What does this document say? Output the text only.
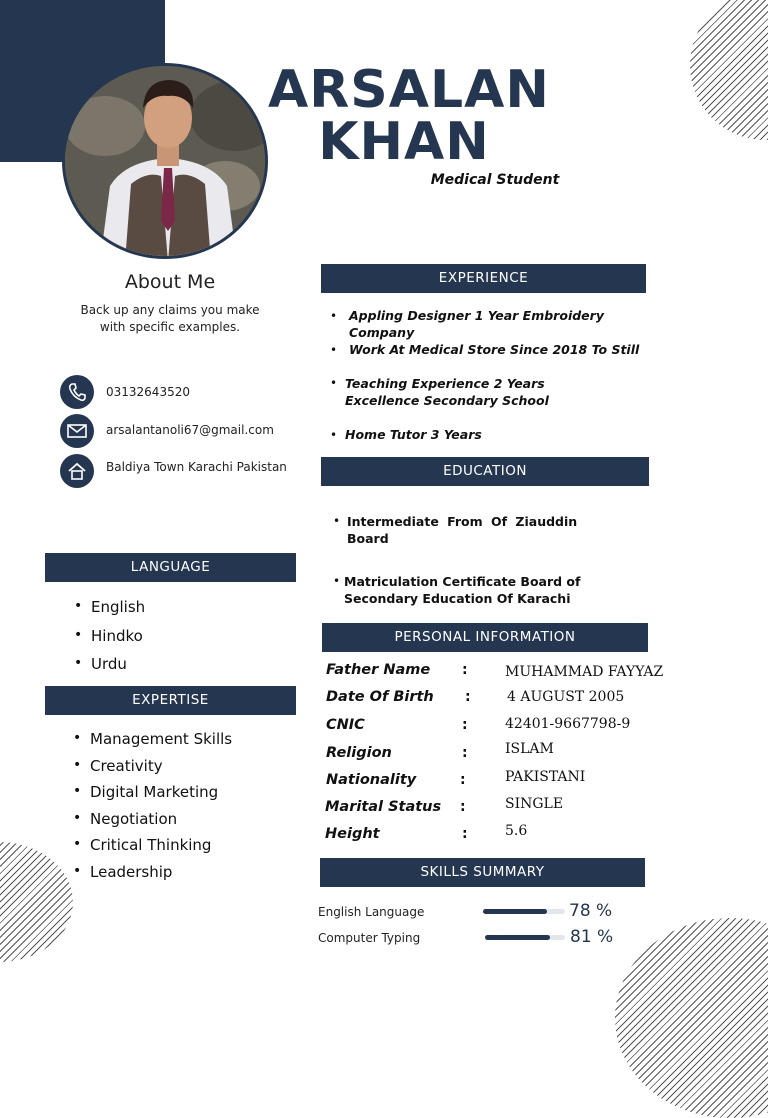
ARSALAN
KHAN
Medical Student
About Me
Back up any claims you make with specific examples.
03132643520
arsalantanoli67@gmail.com
Baldiya Town Karachi Pakistan
LANGUAGE
• English
• Hindko
• Urdu
EXPERTISE
• Management Skills
• Creativity
• Digital Marketing
• Negotiation
• Critical Thinking
• Leadership
EXPERIENCE
• Appling Designer 1 Year Embroidery Company
• Work At Medical Store Since 2018 To Still
• Teaching Experience 2 Years Excellence Secondary School
• Home Tutor 3 Years
EDUCATION
• Intermediate From Of Ziauddin Board
• Matriculation Certificate Board of Secondary Education Of Karachi
PERSONAL INFORMATION
Father Name :	MUHAMMAD FAYYAZ
Date Of Birth :	4 AUGUST 2005
CNIC	:	42401-9667798-9
Religion	:	ISLAM
Nationality	:	PAKISTANI
Marital Status :	SINGLE
Height	:	5.6
SKILLS SUMMARY
English Language	78 %
Computer Typing	81 %
